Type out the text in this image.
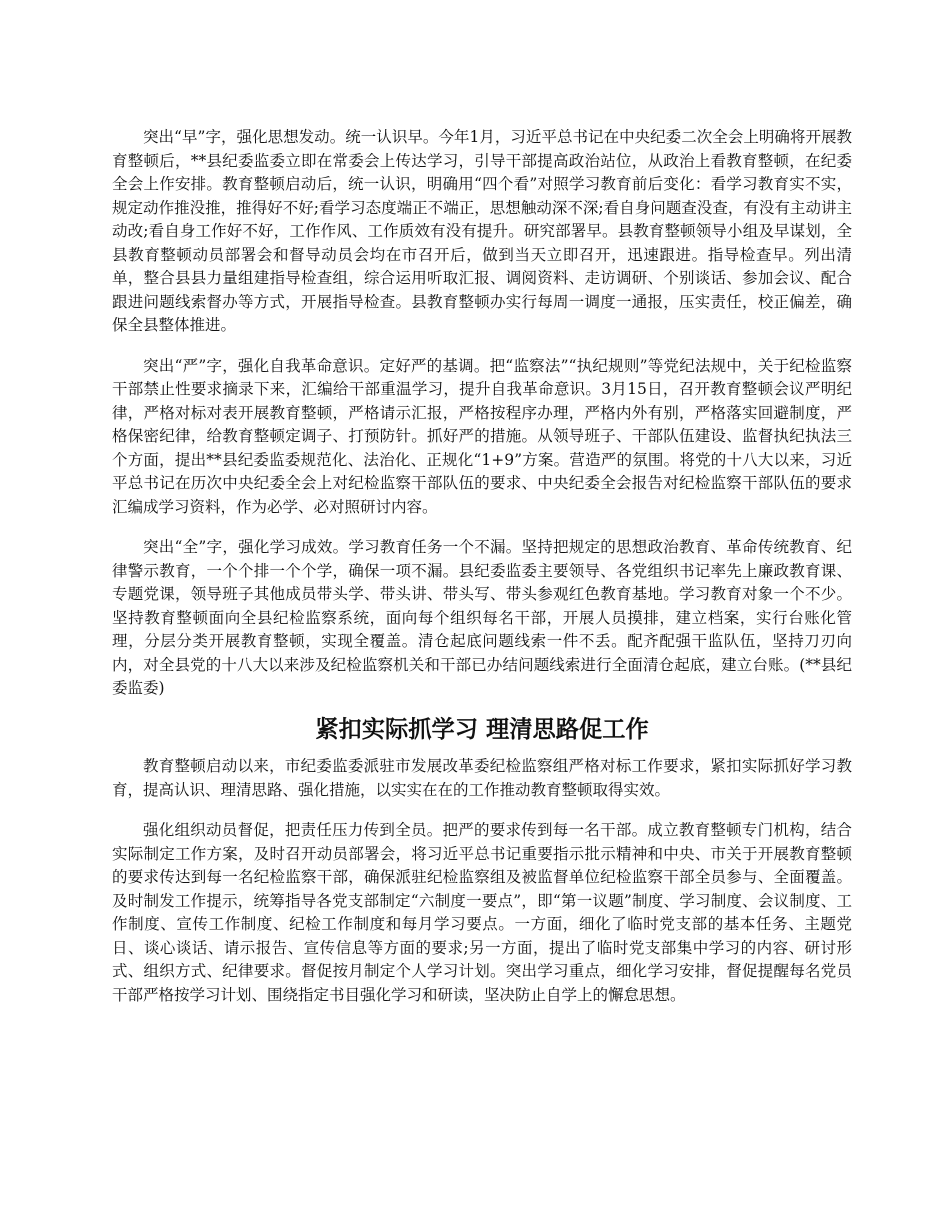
突出“早”字，强化思想发动。统一认识早。今年1月，习近平总书记在中央纪委二次全会上明确将开展教育整顿后，**县纪委监委立即在常委会上传达学习，引导干部提高政治站位，从政治上看教育整顿，在纪委全会上作安排。教育整顿启动后，统一认识，明确用“四个看”对照学习教育前后变化：看学习教育实不实，规定动作推没推，推得好不好;看学习态度端正不端正，思想触动深不深;看自身问题查没查，有没有主动讲主动改;看自身工作好不好，工作作风、工作质效有没有提升。研究部署早。县教育整顿领导小组及早谋划，全县教育整顿动员部署会和督导动员会均在市召开后，做到当天立即召开，迅速跟进。指导检查早。列出清单，整合县县力量组建指导检查组，综合运用听取汇报、调阅资料、走访调研、个别谈话、参加会议、配合跟进问题线索督办等方式，开展指导检查。县教育整顿办实行每周一调度一通报，压实责任，校正偏差，确保全县整体推进。

突出“严”字，强化自我革命意识。定好严的基调。把“监察法”“执纪规则”等党纪法规中，关于纪检监察干部禁止性要求摘录下来，汇编给干部重温学习，提升自我革命意识。3月15日，召开教育整顿会议严明纪律，严格对标对表开展教育整顿，严格请示汇报，严格按程序办理，严格内外有别，严格落实回避制度，严格保密纪律，给教育整顿定调子、打预防针。抓好严的措施。从领导班子、干部队伍建设、监督执纪执法三个方面，提出**县纪委监委规范化、法治化、正规化“1+9”方案。营造严的氛围。将党的十八大以来，习近平总书记在历次中央纪委全会上对纪检监察干部队伍的要求、中央纪委全会报告对纪检监察干部队伍的要求汇编成学习资料，作为必学、必对照研讨内容。

突出“全”字，强化学习成效。学习教育任务一个不漏。坚持把规定的思想政治教育、革命传统教育、纪律警示教育，一个个排一个个学，确保一项不漏。县纪委监委主要领导、各党组织书记率先上廉政教育课、专题党课，领导班子其他成员带头学、带头讲、带头写、带头参观红色教育基地。学习教育对象一个不少。坚持教育整顿面向全县纪检监察系统，面向每个组织每名干部，开展人员摸排，建立档案，实行台账化管理，分层分类开展教育整顿，实现全覆盖。清仓起底问题线索一件不丢。配齐配强干监队伍，坚持刀刃向内，对全县党的十八大以来涉及纪检监察机关和干部已办结问题线索进行全面清仓起底，建立台账。(**县纪委监委)

紧扣实际抓学习 理清思路促工作

教育整顿启动以来，市纪委监委派驻市发展改革委纪检监察组严格对标工作要求，紧扣实际抓好学习教育，提高认识、理清思路、强化措施，以实实在在的工作推动教育整顿取得实效。

强化组织动员督促，把责任压力传到全员。把严的要求传到每一名干部。成立教育整顿专门机构，结合实际制定工作方案，及时召开动员部署会，将习近平总书记重要指示批示精神和中央、市关于开展教育整顿的要求传达到每一名纪检监察干部，确保派驻纪检监察组及被监督单位纪检监察干部全员参与、全面覆盖。及时制发工作提示，统筹指导各党支部制定“六制度一要点”，即“第一议题”制度、学习制度、会议制度、工作制度、宣传工作制度、纪检工作制度和每月学习要点。一方面，细化了临时党支部的基本任务、主题党日、谈心谈话、请示报告、宣传信息等方面的要求;另一方面，提出了临时党支部集中学习的内容、研讨形式、组织方式、纪律要求。督促按月制定个人学习计划。突出学习重点，细化学习安排，督促提醒每名党员干部严格按学习计划、围绕指定书目强化学习和研读，坚决防止自学上的懈怠思想。
